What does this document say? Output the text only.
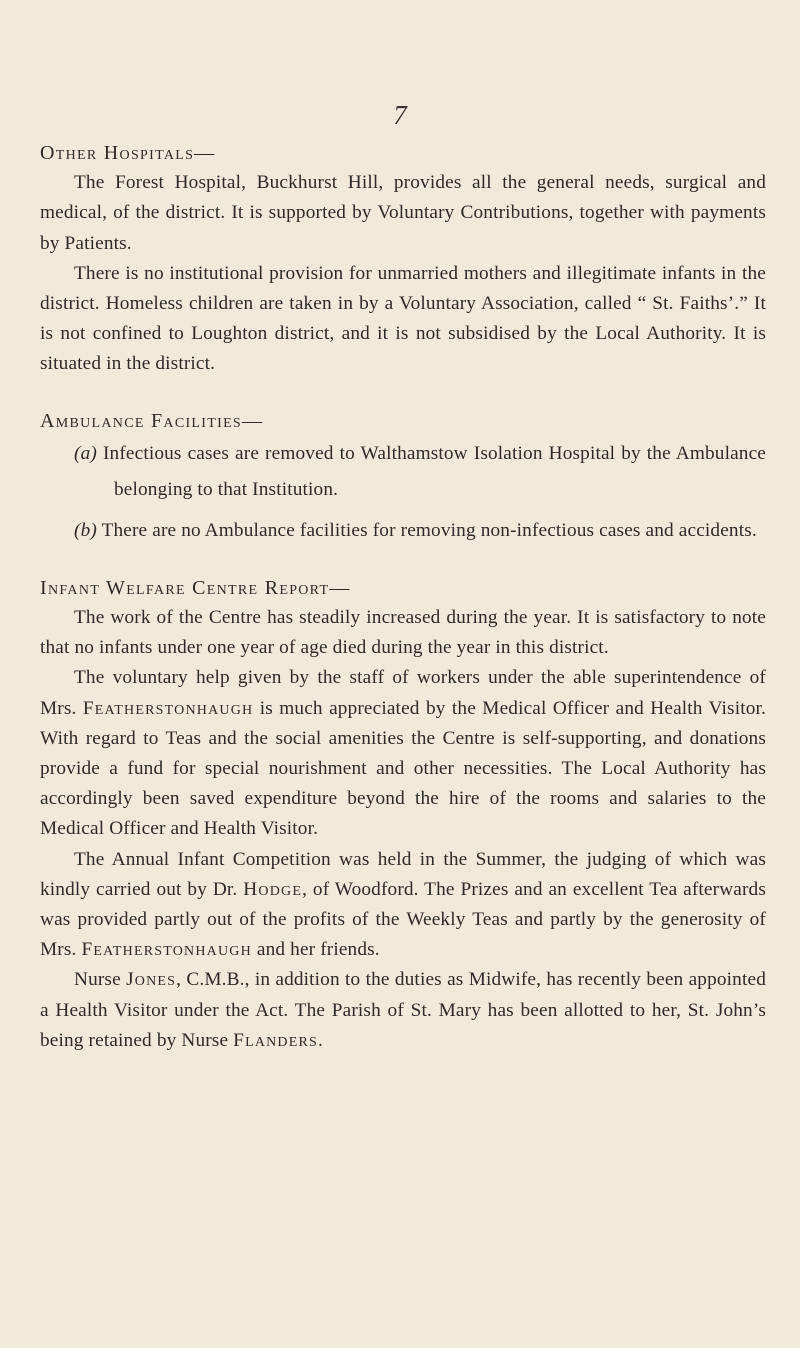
7
Other Hospitals—

The Forest Hospital, Buckhurst Hill, provides all the general needs, surgical and medical, of the district. It is supported by Voluntary Contributions, together with payments by Patients.

There is no institutional provision for unmarried mothers and illegitimate infants in the district. Homeless children are taken in by a Voluntary Association, called “ St. Faiths’.” It is not confined to Loughton district, and it is not subsidised by the Local Authority. It is situated in the district.

Ambulance Facilities—
(a) Infectious cases are removed to Walthamstow Isolation Hospital by the Ambulance belonging to that Institution.
(b) There are no Ambulance facilities for removing non-infectious cases and accidents.
Infant Welfare Centre Report—

The work of the Centre has steadily increased during the year. It is satisfactory to note that no infants under one year of age died during the year in this district.

The voluntary help given by the staff of workers under the able superintendence of Mrs. Featherstonhaugh is much appreciated by the Medical Officer and Health Visitor. With regard to Teas and the social amenities the Centre is self-supporting, and donations provide a fund for special nourishment and other necessities. The Local Authority has accordingly been saved expenditure beyond the hire of the rooms and salaries to the Medical Officer and Health Visitor.

The Annual Infant Competition was held in the Summer, the judging of which was kindly carried out by Dr. Hodge, of Woodford. The Prizes and an excellent Tea afterwards was provided partly out of the profits of the Weekly Teas and partly by the generosity of Mrs. Featherstonhaugh and her friends.

Nurse Jones, C.M.B., in addition to the duties as Midwife, has recently been appointed a Health Visitor under the Act. The Parish of St. Mary has been allotted to her, St. John’s being retained by Nurse Flanders.
